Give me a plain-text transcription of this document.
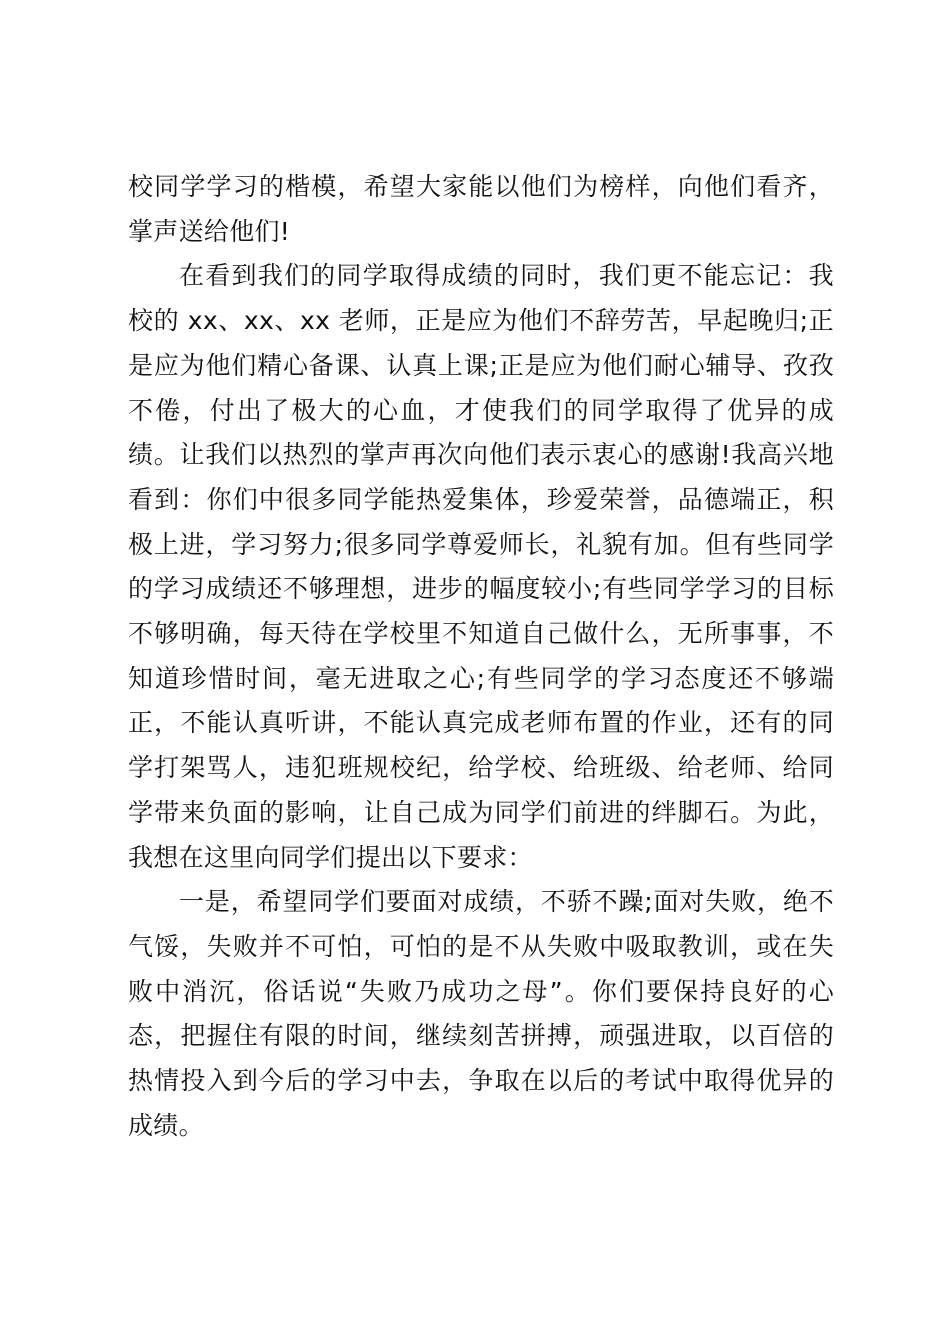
校同学学习的楷模，希望大家能以他们为榜样，向他们看齐，掌声送给他们!

在看到我们的同学取得成绩的同时，我们更不能忘记：我校的 xx、xx、xx 老师，正是应为他们不辞劳苦，早起晚归;正是应为他们精心备课、认真上课;正是应为他们耐心辅导、孜孜不倦，付出了极大的心血，才使我们的同学取得了优异的成绩。让我们以热烈的掌声再次向他们表示衷心的感谢!我高兴地看到：你们中很多同学能热爱集体，珍爱荣誉，品德端正，积极上进，学习努力;很多同学尊爱师长，礼貌有加。但有些同学的学习成绩还不够理想，进步的幅度较小;有些同学学习的目标不够明确，每天待在学校里不知道自己做什么，无所事事，不知道珍惜时间，毫无进取之心;有些同学的学习态度还不够端正，不能认真听讲，不能认真完成老师布置的作业，还有的同学打架骂人，违犯班规校纪，给学校、给班级、给老师、给同学带来负面的影响，让自己成为同学们前进的绊脚石。为此，我想在这里向同学们提出以下要求：

一是，希望同学们要面对成绩，不骄不躁;面对失败，绝不气馁，失败并不可怕，可怕的是不从失败中吸取教训，或在失败中消沉，俗话说“失败乃成功之母”。你们要保持良好的心态，把握住有限的时间，继续刻苦拼搏，顽强进取，以百倍的热情投入到今后的学习中去，争取在以后的考试中取得优异的成绩。
